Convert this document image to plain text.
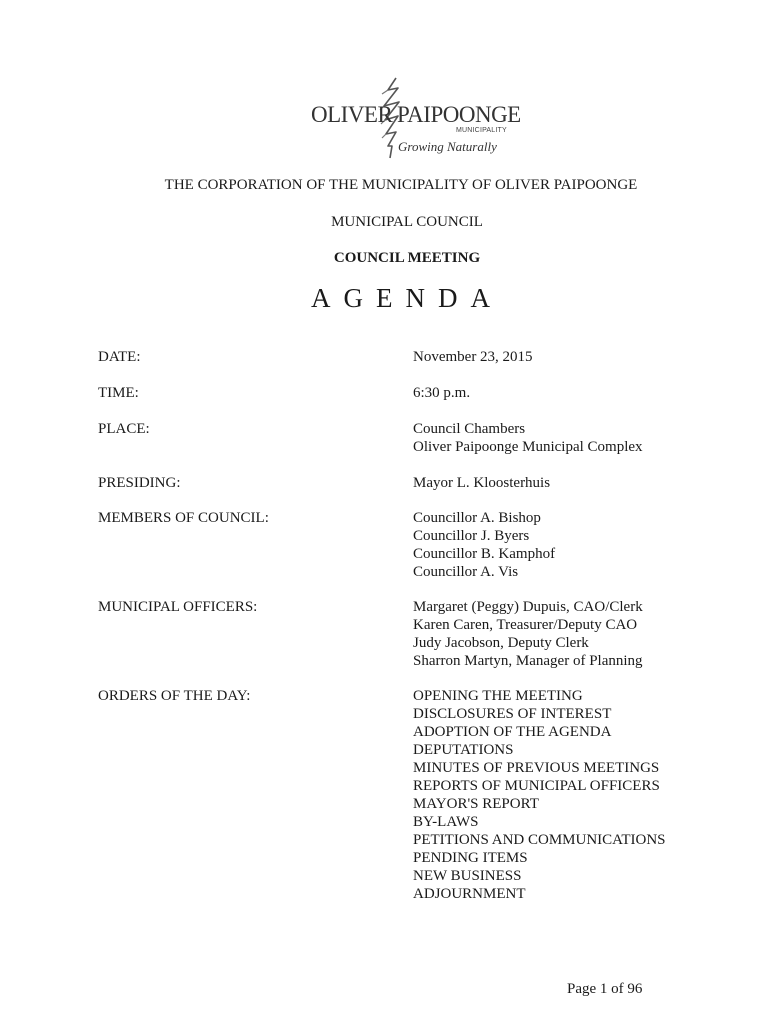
OLIVER PAIPOONGE
MUNICIPALITY
Growing Naturally
THE CORPORATION OF THE MUNICIPALITY OF OLIVER PAIPOONGE
MUNICIPAL COUNCIL
COUNCIL MEETING
AGENDA
DATE:	November 23, 2015
TIME:	6:30 p.m.
PLACE:	Council Chambers
Oliver Paipoonge Municipal Complex
PRESIDING:	Mayor L. Kloosterhuis
MEMBERS OF COUNCIL:	Councillor A. Bishop
Councillor J. Byers
Councillor B. Kamphof
Councillor A. Vis
MUNICIPAL OFFICERS:	Margaret (Peggy) Dupuis, CAO/Clerk
Karen Caren, Treasurer/Deputy CAO
Judy Jacobson, Deputy Clerk
Sharron Martyn, Manager of Planning
ORDERS OF THE DAY:	OPENING THE MEETING
DISCLOSURES OF INTEREST
ADOPTION OF THE AGENDA
DEPUTATIONS
MINUTES OF PREVIOUS MEETINGS
REPORTS OF MUNICIPAL OFFICERS
MAYOR'S REPORT
BY-LAWS
PETITIONS AND COMMUNICATIONS
PENDING ITEMS
NEW BUSINESS
ADJOURNMENT
Page 1 of 96
